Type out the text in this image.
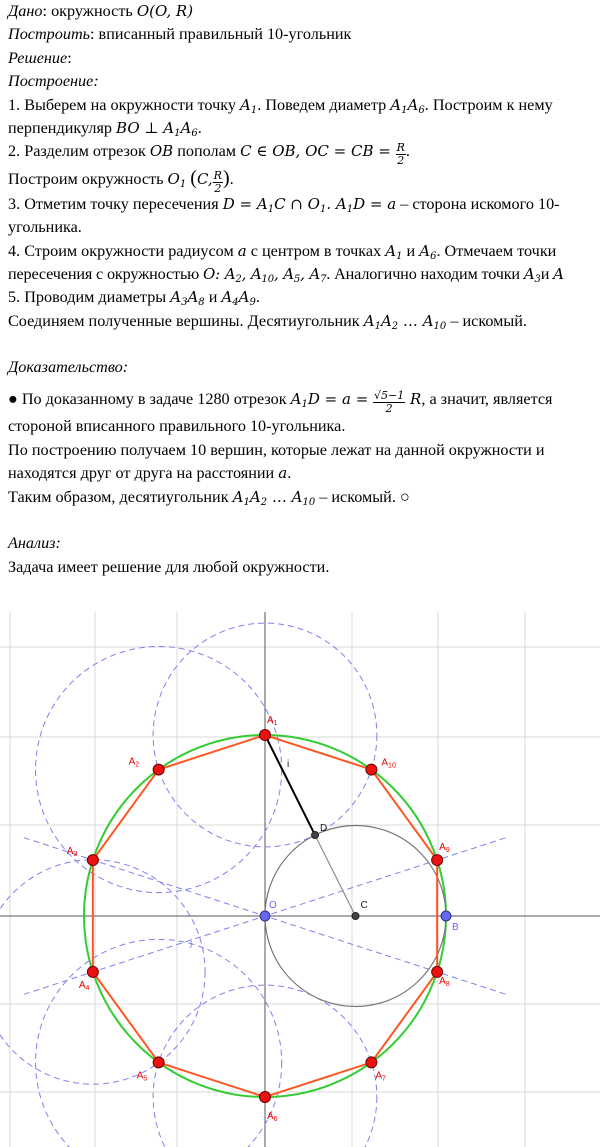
Дано: окружность O(O, R)
Построить: вписанный правильный 10-угольник
Решение:
Построение:
1. Выберем на окружности точку $A_1$. Поведем диаметр $A_1A_6$. Построим к нему
перпендикуляр BO ⊥ $A_1A_6$.
2. Разделим отрезок OB пополам C ∈ OB, OC = CB = $\frac{R}{2}$ .
Построим окружность $O_1$ (C, $\frac{R}{2}$ ).
3. Отметим точку пересечения $D = A_1C$ ∩ $O_1$. $A_1D = a$ – сторона искомого 10-
угольника.
4. Строим окружности радиусом a с центром в точках $A_1$ и $A_6$. Отмечаем точки
пересечения с окружностью O: $A_2$, $A_{10}$, $A_5$, $A_7$. Аналогично находим точки $A_3и$ A
5. Проводим диаметры $A_3A_8$ и $A_4A_9$.
Соединяем полученные вершины. Десятиугольник $A_1A_2$ … $A_{10}$ – искомый.
Доказательство:
● По доказанному в задаче 1280 отрезок $A_1D = a = \frac{√5-1}{2} R$, а значит, является
стороной вписанного правильного 10-угольника.
По построению получаем 10 вершин, которые лежат на данной окружности и
находятся друг от друга на расстоянии a.
Таким образом, десятиугольник $A_1A_2$ … $A_{10}$ – искомый. ○
Анализ:
Задача имеет решение для любой окружности.
$A_1$
$A_2$
$A_3$
$A_4$
$A_5$
$A_6$
$A_7$
$A_8$
$A_9$
$A_{10}$
O
B
C
D
i
j
